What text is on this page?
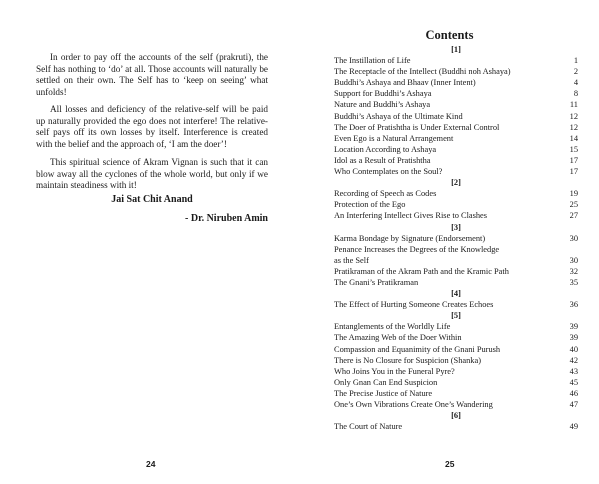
In order to pay off the accounts of the self (prakruti), the Self has nothing to ‘do’ at all. Those accounts will naturally be settled on their own. The Self has to ‘keep on seeing’ what unfolds!

All losses and deficiency of the relative-self will be paid up naturally provided the ego does not interfere! The relative-self pays off its own losses by itself. Interference is created with the belief and the approach of, ‘I am the doer’!

This spiritual science of Akram Vignan is such that it can blow away all the cyclones of the whole world, but only if we maintain steadiness with it!

Jai Sat Chit Anand
- Dr. Niruben Amin
24
Contents
[1]
The Instillation of Life	1
The Receptacle of the Intellect (Buddhi noh Ashaya)	2
Buddhi’s Ashaya and Bhaav (Inner Intent)	4
Support for Buddhi’s Ashaya	8
Nature and Buddhi’s Ashaya	11
Buddhi’s Ashaya of the Ultimate Kind	12
The Doer of Pratishtha is Under External Control	12
Even Ego is a Natural Arrangement	14
Location According to Ashaya	15
Idol as a Result of Pratishtha	17
Who Contemplates on the Soul?	17
[2]
Recording of Speech as Codes	19
Protection of the Ego	25
An Interfering Intellect Gives Rise to Clashes	27
[3]
Karma Bondage by Signature (Endorsement)	30
Penance Increases the Degrees of the Knowledge
as the Self	30
Pratikraman of the Akram Path and the Kramic Path	32
The Gnani’s Pratikraman	35
[4]
The Effect of Hurting Someone Creates Echoes	36
[5]
Entanglements of the Worldly Life	39
The Amazing Web of the Doer Within	39
Compassion and Equanimity of the Gnani Purush	40
There is No Closure for Suspicion (Shanka)	42
Who Joins You in the Funeral Pyre?	43
Only Gnan Can End Suspicion	45
The Precise Justice of Nature	46
One’s Own Vibrations Create One’s Wandering	47
[6]
The Court of Nature	49
25
